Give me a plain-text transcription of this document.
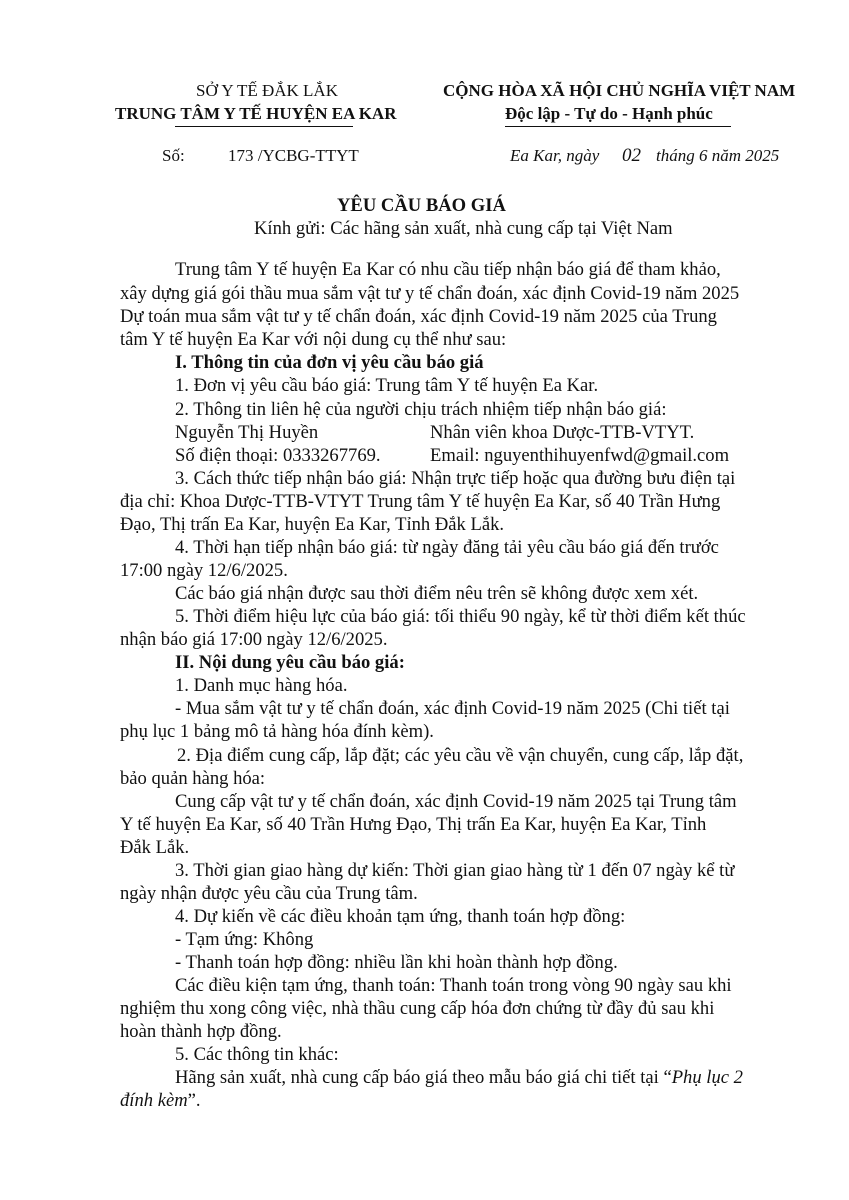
SỞ Y TẾ ĐẮK LẮK
TRUNG TÂM Y TẾ HUYỆN EA KAR
CỘNG HÒA XÃ HỘI CHỦ NGHĨA VIỆT NAM
Độc lập - Tự do - Hạnh phúc
Số:	173 /YCBG-TTYT	Ea Kar, ngày 02 tháng 6 năm 2025
YÊU CẦU BÁO GIÁ
Kính gửi: Các hãng sản xuất, nhà cung cấp tại Việt Nam
Trung tâm Y tế huyện Ea Kar có nhu cầu tiếp nhận báo giá để tham khảo,
xây dựng giá gói thầu mua sắm vật tư y tế chẩn đoán, xác định Covid-19 năm 2025
Dự toán mua sắm vật tư y tế chẩn đoán, xác định Covid-19 năm 2025 của Trung
tâm Y tế huyện Ea Kar với nội dung cụ thể như sau:
I. Thông tin của đơn vị yêu cầu báo giá
1. Đơn vị yêu cầu báo giá: Trung tâm Y tế huyện Ea Kar.
2. Thông tin liên hệ của người chịu trách nhiệm tiếp nhận báo giá:
Nguyễn Thị Huyền	Nhân viên khoa Dược-TTB-VTYT.
Số điện thoại: 0333267769.	Email: nguyenthihuyenfwd@gmail.com
3. Cách thức tiếp nhận báo giá: Nhận trực tiếp hoặc qua đường bưu điện tại
địa chỉ: Khoa Dược-TTB-VTYT Trung tâm Y tế huyện Ea Kar, số 40 Trần Hưng
Đạo, Thị trấn Ea Kar, huyện Ea Kar, Tỉnh Đắk Lắk.
4. Thời hạn tiếp nhận báo giá: từ ngày đăng tải yêu cầu báo giá đến trước
17:00 ngày 12/6/2025.
Các báo giá nhận được sau thời điểm nêu trên sẽ không được xem xét.
5. Thời điểm hiệu lực của báo giá: tối thiểu 90 ngày, kể từ thời điểm kết thúc
nhận báo giá 17:00 ngày 12/6/2025.
II. Nội dung yêu cầu báo giá:
1. Danh mục hàng hóa.
- Mua sắm vật tư y tế chẩn đoán, xác định Covid-19 năm 2025 (Chi tiết tại
phụ lục 1 bảng mô tả hàng hóa đính kèm).
2. Địa điểm cung cấp, lắp đặt; các yêu cầu về vận chuyển, cung cấp, lắp đặt,
bảo quản hàng hóa:
Cung cấp vật tư y tế chẩn đoán, xác định Covid-19 năm 2025 tại Trung tâm
Y tế huyện Ea Kar, số 40 Trần Hưng Đạo, Thị trấn Ea Kar, huyện Ea Kar, Tỉnh
Đắk Lắk.
3. Thời gian giao hàng dự kiến: Thời gian giao hàng từ 1 đến 07 ngày kể từ
ngày nhận được yêu cầu của Trung tâm.
4. Dự kiến về các điều khoản tạm ứng, thanh toán hợp đồng:
- Tạm ứng: Không
- Thanh toán hợp đồng: nhiều lần khi hoàn thành hợp đồng.
Các điều kiện tạm ứng, thanh toán: Thanh toán trong vòng 90 ngày sau khi
nghiệm thu xong công việc, nhà thầu cung cấp hóa đơn chứng từ đầy đủ sau khi
hoàn thành hợp đồng.
5. Các thông tin khác:
Hãng sản xuất, nhà cung cấp báo giá theo mẫu báo giá chi tiết tại “Phụ lục 2
đính kèm”.
